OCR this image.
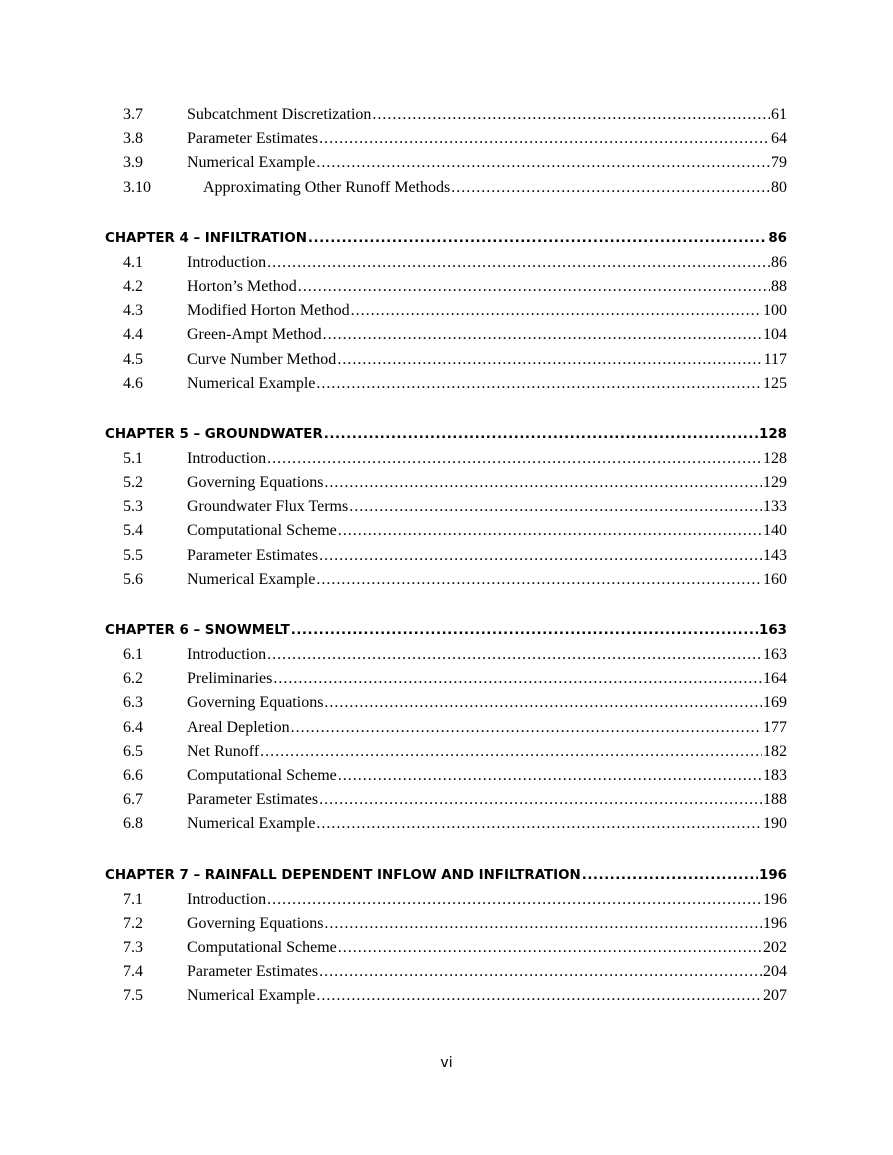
3.7	Subcatchment Discretization .....	61
3.8	Parameter Estimates .....	64
3.9	Numerical Example .....	79
3.10	Approximating Other Runoff Methods .....	80
CHAPTER 4 – INFILTRATION .....	86
4.1	Introduction .....	86
4.2	Horton’s Method .....	88
4.3	Modified Horton Method .....	100
4.4	Green-Ampt Method .....	104
4.5	Curve Number Method .....	117
4.6	Numerical Example .....	125
CHAPTER 5 – GROUNDWATER .....	128
5.1	Introduction .....	128
5.2	Governing Equations .....	129
5.3	Groundwater Flux Terms .....	133
5.4	Computational Scheme .....	140
5.5	Parameter Estimates .....	143
5.6	Numerical Example .....	160
CHAPTER 6 – SNOWMELT .....	163
6.1	Introduction .....	163
6.2	Preliminaries .....	164
6.3	Governing Equations .....	169
6.4	Areal Depletion .....	177
6.5	Net Runoff .....	182
6.6	Computational Scheme .....	183
6.7	Parameter Estimates .....	188
6.8	Numerical Example .....	190
CHAPTER 7 – RAINFALL DEPENDENT INFLOW AND INFILTRATION .....	196
7.1	Introduction .....	196
7.2	Governing Equations .....	196
7.3	Computational Scheme .....	202
7.4	Parameter Estimates .....	204
7.5	Numerical Example .....	207
vi
